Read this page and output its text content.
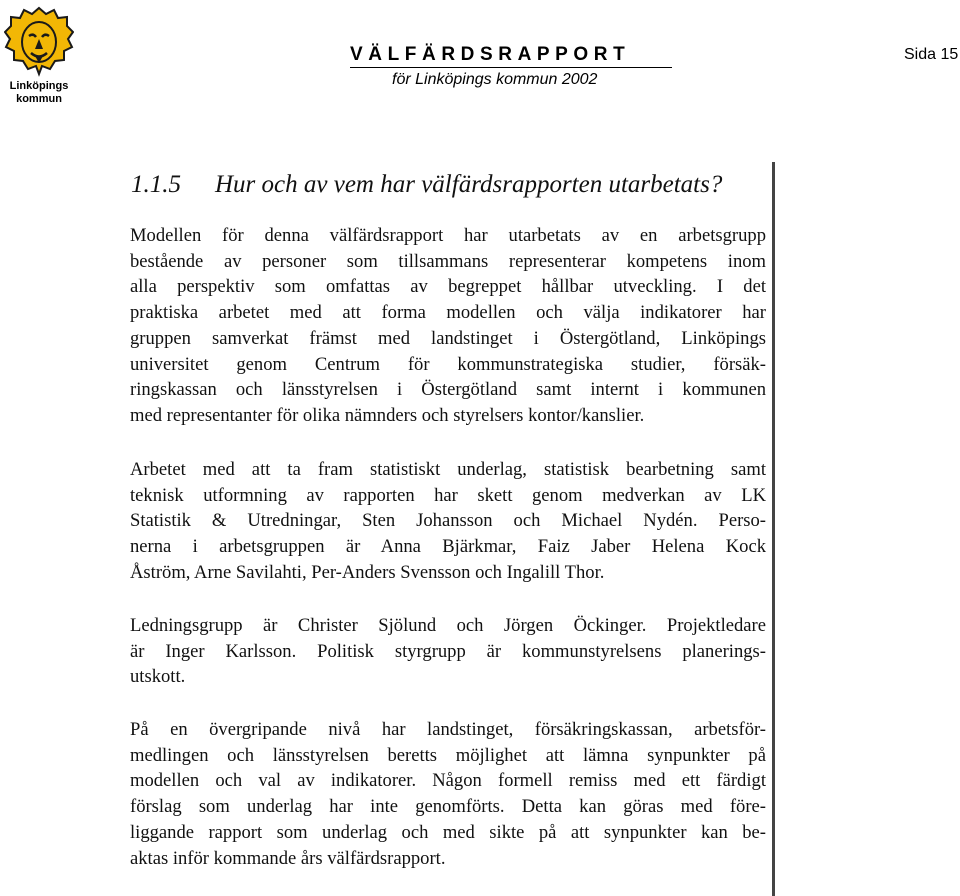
Linköpings
kommun
VÄLFÄRDSRAPPORT
för Linköpings kommun 2002
Sida 15
1.1.5 Hur och av vem har välfärdsrapporten utarbetats?
Modellen för denna välfärdsrapport har utarbetats av en arbetsgrupp
bestående av personer som tillsammans representerar kompetens inom
alla perspektiv som omfattas av begreppet hållbar utveckling. I det
praktiska arbetet med att forma modellen och välja indikatorer har
gruppen samverkat främst med landstinget i Östergötland, Linköpings
universitet genom Centrum för kommunstrategiska studier, försäk-
ringskassan och länsstyrelsen i Östergötland samt internt i kommunen
med representanter för olika nämnders och styrelsers kontor/kanslier.
Arbetet med att ta fram statistiskt underlag, statistisk bearbetning samt
teknisk utformning av rapporten har skett genom medverkan av LK
Statistik & Utredningar, Sten Johansson och Michael Nydén. Perso-
nerna i arbetsgruppen är Anna Bjärkmar, Faiz Jaber Helena Kock
Åström, Arne Savilahti, Per-Anders Svensson och Ingalill Thor.
Ledningsgrupp är Christer Sjölund och Jörgen Öckinger. Projektledare
är Inger Karlsson. Politisk styrgrupp är kommunstyrelsens planerings-
utskott.
På en övergripande nivå har landstinget, försäkringskassan, arbetsför-
medlingen och länsstyrelsen beretts möjlighet att lämna synpunkter på
modellen och val av indikatorer. Någon formell remiss med ett färdigt
förslag som underlag har inte genomförts. Detta kan göras med före-
liggande rapport som underlag och med sikte på att synpunkter kan be-
aktas inför kommande års välfärdsrapport.
